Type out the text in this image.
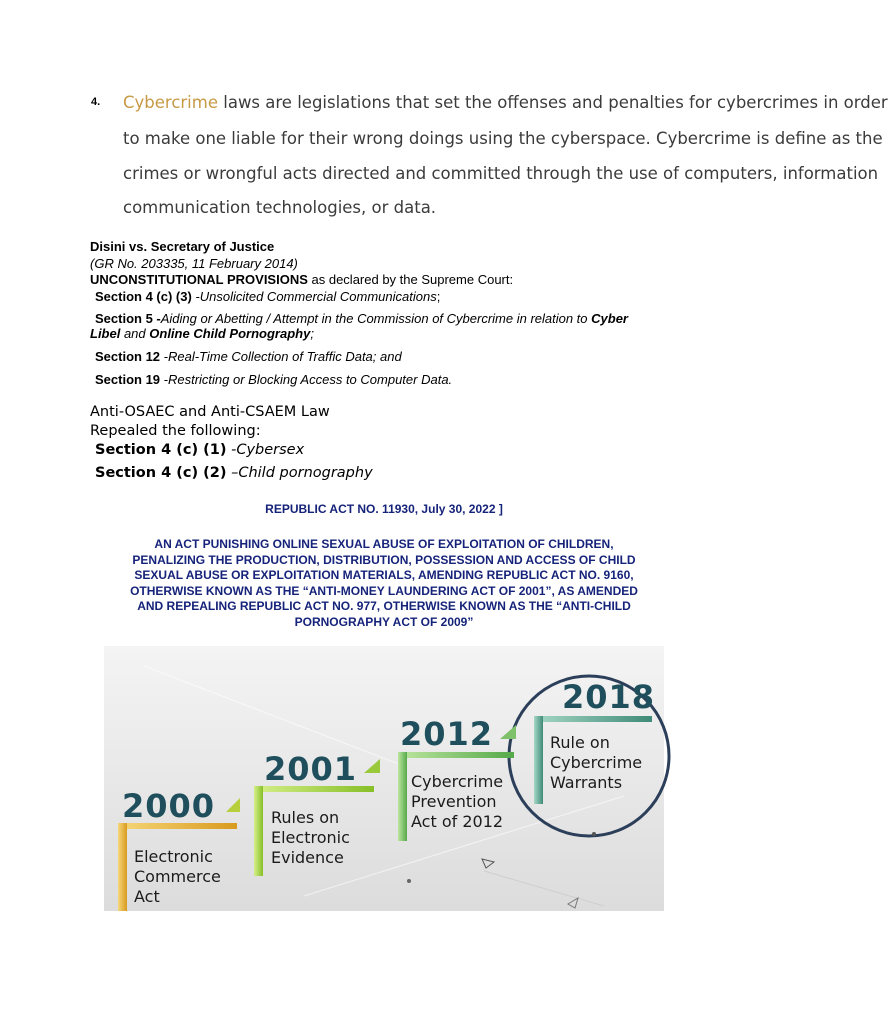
4. Cybercrime laws are legislations that set the offenses and penalties for cybercrimes in order
to make one liable for their wrong doings using the cyberspace. Cybercrime is define as the
crimes or wrongful acts directed and committed through the use of computers, information
communication technologies, or data.
Disini vs. Secretary of Justice
(GR No. 203335, 11 February 2014)
UNCONSTITUTIONAL PROVISIONS as declared by the Supreme Court:
Section 4 (c) (3) -Unsolicited Commercial Communications;
Section 5 -Aiding or Abetting / Attempt in the Commission of Cybercrime in relation to Cyber
Libel and Online Child Pornography;
Section 12 -Real-Time Collection of Traffic Data; and
Section 19 -Restricting or Blocking Access to Computer Data.
Anti-OSAEC and Anti-CSAEM Law
Repealed the following:
Section 4 (c) (1) -Cybersex
Section 4 (c) (2) –Child pornography
REPUBLIC ACT NO. 11930, July 30, 2022 ]
AN ACT PUNISHING ONLINE SEXUAL ABUSE OF EXPLOITATION OF CHILDREN,
PENALIZING THE PRODUCTION, DISTRIBUTION, POSSESSION AND ACCESS OF CHILD
SEXUAL ABUSE OR EXPLOITATION MATERIALS, AMENDING REPUBLIC ACT NO. 9160,
OTHERWISE KNOWN AS THE “ANTI-MONEY LAUNDERING ACT OF 2001”, AS AMENDED
AND REPEALING REPUBLIC ACT NO. 977, OTHERWISE KNOWN AS THE “ANTI-CHILD
PORNOGRAPHY ACT OF 2009”
2000
Electronic
Commerce
Act
2001
Rules on
Electronic
Evidence
2012
Cybercrime
Prevention
Act of 2012
2018
Rule on
Cybercrime
Warrants
